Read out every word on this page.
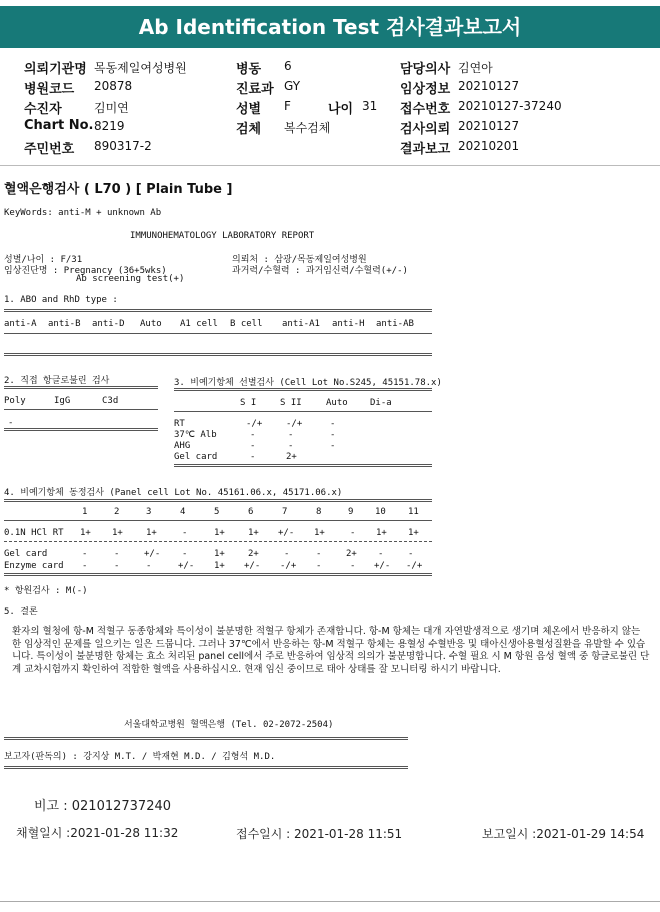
Ab Identification Test 검사결과보고서
의뢰기관명 목동제일여성병원
병원코드 20878
수진자	김미연
Chart No. 8219
주민번호 890317-2
병동 6
진료과 GY
성별 F	나이 31
검체 복수검체
담당의사 김연아
임상정보 20210127
접수번호 20210127-37240
검사의뢰 20210127
결과보고 20210201
혈액은행검사 ( L70 ) [ Plain Tube ]
KeyWords: anti-M + unknown Ab
IMMUNOHEMATOLOGY LABORATORY REPORT
성별/나이 : F/31
임상진단명 : Pregnancy (36+5wks)
Ab screening test(+)
의뢰처 : 삼광/목동제일여성병원
과거력/수혈력 : 과거임신력/수혈력(+/-)
1. ABO and RhD type :
anti-A anti-B anti-D Auto A1 cell B cell anti-A1 anti-H anti-AB
2. 직접 항글로불린 검사
Poly	IgG	C3d
-
3. 비예기항체 선별검사 (Cell Lot No.S245, 45151.78.x)
S I	S II	Auto Di-a
RT	-/+	-/+	-
37℃ Alb	-	-	-
AHG	-	-	-
Gel card	-	2+
4. 비예기항체 동정검사 (Panel cell Lot No. 45161.06.x, 45171.06.x)
1	2	3	4	5	6	7	8	9 10 11
0.1N HCl RT 1+ 1+	1+	-	1+	1+ +/- 1+	- 1+ 1+
Gel card	-	-	+/- -	1+	2+	-	-	2+ -	-
Enzyme card -	-	-	+/- 1+ +/- -/+ -	- +/- -/+
* 항원검사 : M(-)
5. 결론
환자의 혈청에 항-M 적혈구 동종항체와 특이성이 불분명한 적혈구 항체가 존재합니다. 항-M 항체는 대개 자연발생적으로 생기며 체온에서 반응하지 않는 한 임상적인 문제를 일으키는 일은 드뭅니다. 그러나 37℃에서 반응하는 항-M 적혈구 항체는 용혈성 수혈반응 및 태아신생아용혈성질환을 유발할 수 있습니다. 특이성이 불분명한 항체는 효소 처리된 panel cell에서 주로 반응하여 임상적 의의가 불분명합니다. 수혈 필요 시 M 항원 음성 혈액 중 항글로불린 단계 교차시험까지 확인하여 적합한 혈액을 사용하십시오. 현재 임신 중이므로 태아 상태를 잘 모니터링 하시기 바랍니다.
서울대학교병원 혈액은행 (Tel. 02-2072-2504)
보고자(판독의) : 강지상 M.T. / 박재현 M.D. / 김형석 M.D.
비고 : 021012737240
채혈일시 :2021-01-28 11:32	접수일시 : 2021-01-28 11:51	보고일시 :2021-01-29 14:54
